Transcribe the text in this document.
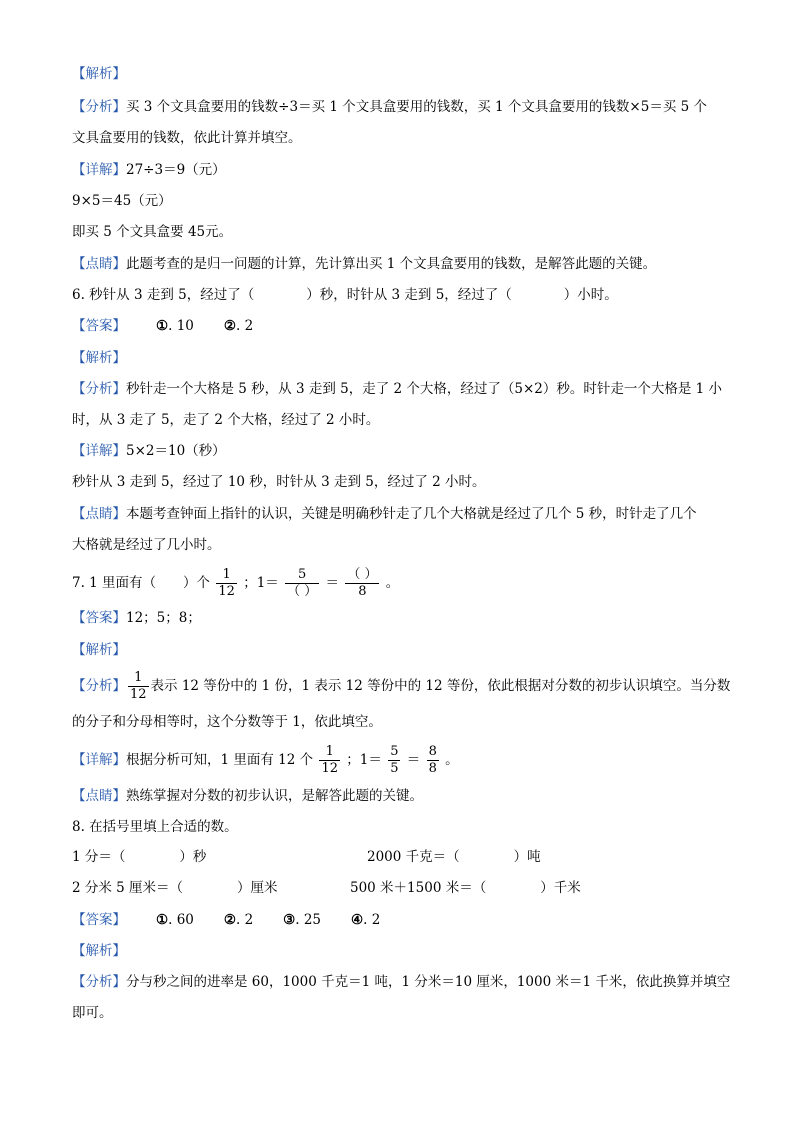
【解析】
【分析】买 3 个文具盒要用的钱数÷3＝买 1 个文具盒要用的钱数，买 1 个文具盒要用的钱数×5＝买 5 个
文具盒要用的钱数，依此计算并填空。
【详解】27÷3＝9（元）
9×5＝45（元）
即买 5 个文具盒要 45元。
【点睛】此题考查的是归一问题的计算，先计算出买 1 个文具盒要用的钱数，是解答此题的关键。
6. 秒针从 3 走到 5，经过了（	）秒，时针从 3 走到 5，经过了（	）小时。
【答案】 ①. 10 ②. 2
【解析】
【分析】秒针走一个大格是 5 秒，从 3 走到 5，走了 2 个大格，经过了（5×2）秒。时针走一个大格是 1 小
时，从 3 走了 5，走了 2 个大格，经过了 2 小时。
【详解】5×2＝10（秒）
秒针从 3 走到 5，经过了 10 秒，时针从 3 走到 5，经过了 2 小时。
【点睛】本题考查钟面上指针的认识，关键是明确秒针走了几个大格就是经过了几个 5 秒，时针走了几个
大格就是经过了几小时。
7. 1 里面有（　　）个 $\frac{1}{12}$ ；$1= \frac{5}{( )} = \frac{( )}{8}$ 。
【答案】12；5；8；
【解析】
【分析】 $\frac{1}{12}$ 表示 12 等份中的 1 份，1 表示 12 等份中的 12 等份，依此根据对分数的初步认识填空。当分数
的分子和分母相等时，这个分数等于 1，依此填空。
【详解】根据分析可知，1 里面有 12 个 $\frac{1}{12}$ ；$1= \frac{5}{5} = \frac{8}{8}$ 。
【点睛】熟练掌握对分数的初步认识，是解答此题的关键。
8. 在括号里填上合适的数。
1 分＝（　　　　）秒	2000 千克＝（　　　　）吨
2 分米 5 厘米＝（　　　　）厘米	500 米＋1500 米＝（　　　　）千米
【答案】 ①. 60 ②. 2 ③. 25 ④. 2
【解析】
【分析】分与秒之间的进率是 60，1000 千克＝1 吨，1 分米＝10 厘米，1000 米＝1 千米，依此换算并填空
即可。
